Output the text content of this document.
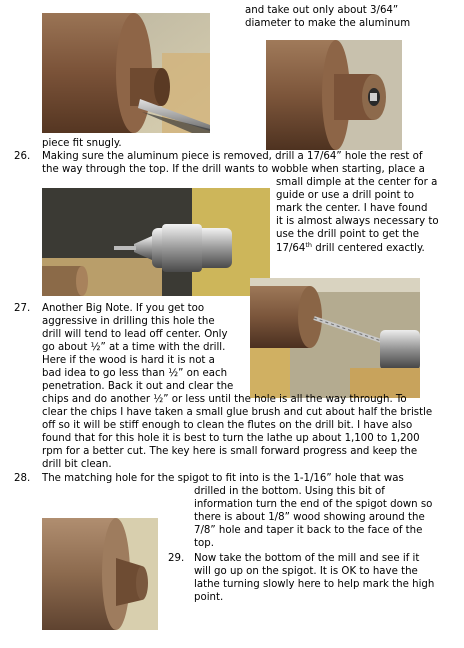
and take out only about 3/64”
diameter to make the aluminum
piece fit snugly.
26. Making sure the aluminum piece is removed, drill a 17/64” hole the rest of
the way through the top. If the drill wants to wobble when starting, place a
small dimple at the center for a
guide or use a drill point to
mark the center. I have found
it is almost always necessary to
use the drill point to get the
17/64th drill centered exactly.
27. Another Big Note. If you get too
aggressive in drilling this hole the
drill will tend to lead off center. Only
go about ½” at a time with the drill.
Here if the wood is hard it is not a
bad idea to go less than ½” on each
penetration. Back it out and clear the
chips and do another ½” or less until the hole is all the way through. To
clear the chips I have taken a small glue brush and cut about half the bristle
off so it will be stiff enough to clean the flutes on the drill bit. I have also
found that for this hole it is best to turn the lathe up about 1,100 to 1,200
rpm for a better cut. The key here is small forward progress and keep the
drill bit clean.
28. The matching hole for the spigot to fit into is the 1-1/16” hole that was
drilled in the bottom. Using this bit of
information turn the end of the spigot down so
there is about 1/8” wood showing around the
7/8” hole and taper it back to the face of the
top.
29. Now take the bottom of the mill and see if it
will go up on the spigot. It is OK to have the
lathe turning slowly here to help mark the high
point.
